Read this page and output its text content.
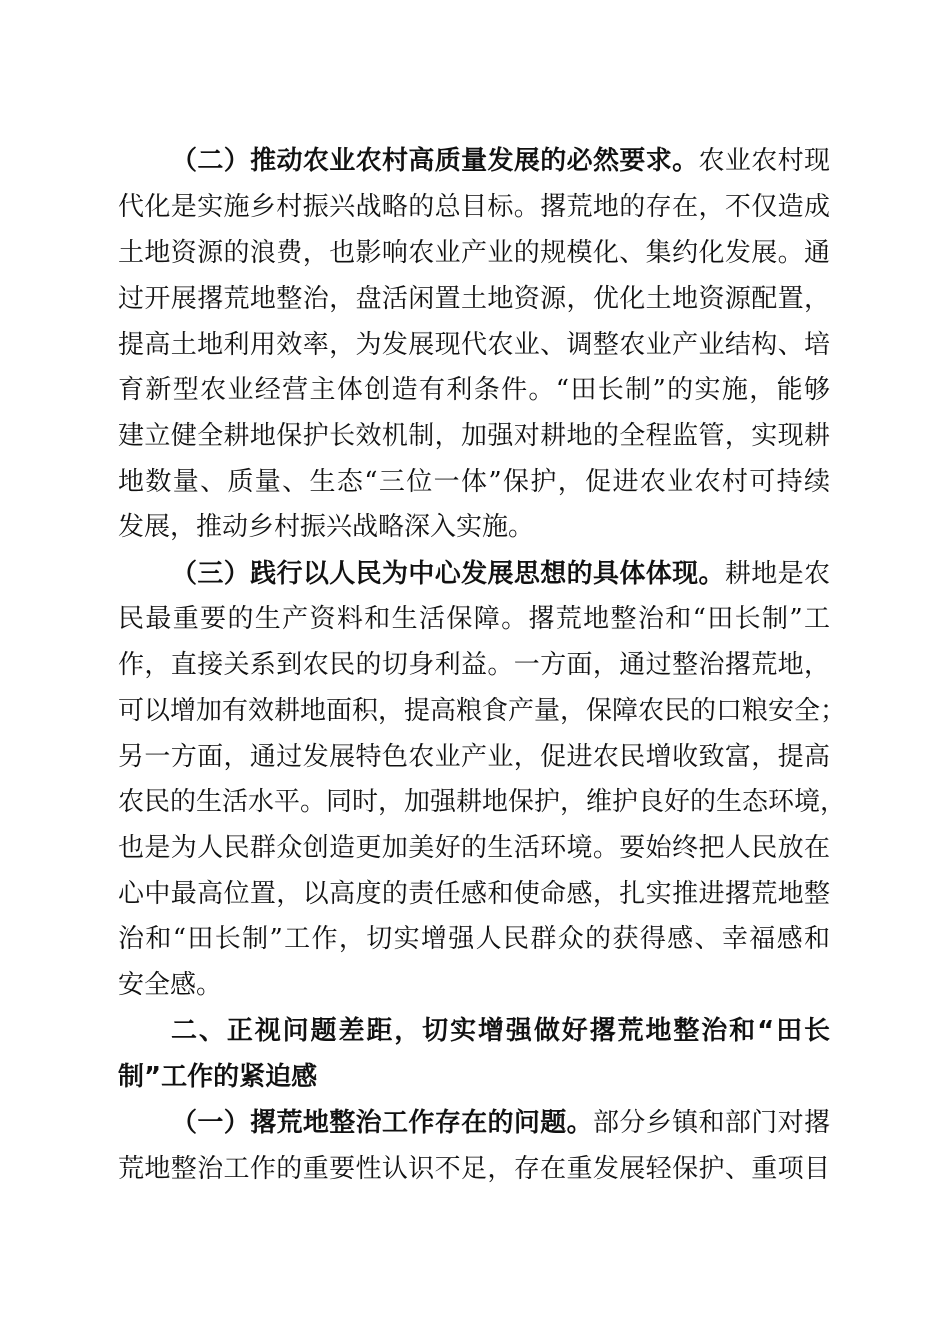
（二）推动农业农村高质量发展的必然要求。农业农村现
代化是实施乡村振兴战略的总目标。撂荒地的存在，不仅造成
土地资源的浪费，也影响农业产业的规模化、集约化发展。通
过开展撂荒地整治，盘活闲置土地资源，优化土地资源配置，
提高土地利用效率，为发展现代农业、调整农业产业结构、培
育新型农业经营主体创造有利条件。“田长制”的实施，能够
建立健全耕地保护长效机制，加强对耕地的全程监管，实现耕
地数量、质量、生态“三位一体”保护，促进农业农村可持续
发展，推动乡村振兴战略深入实施。
（三）践行以人民为中心发展思想的具体体现。耕地是农
民最重要的生产资料和生活保障。撂荒地整治和“田长制”工
作，直接关系到农民的切身利益。一方面，通过整治撂荒地，
可以增加有效耕地面积，提高粮食产量，保障农民的口粮安全；
另一方面，通过发展特色农业产业，促进农民增收致富，提高
农民的生活水平。同时，加强耕地保护，维护良好的生态环境，
也是为人民群众创造更加美好的生活环境。要始终把人民放在
心中最高位置，以高度的责任感和使命感，扎实推进撂荒地整
治和“田长制”工作，切实增强人民群众的获得感、幸福感和
安全感。
二、正视问题差距，切实增强做好撂荒地整治和“田长
制”工作的紧迫感
（一）撂荒地整治工作存在的问题。部分乡镇和部门对撂
荒地整治工作的重要性认识不足，存在重发展轻保护、重项目
